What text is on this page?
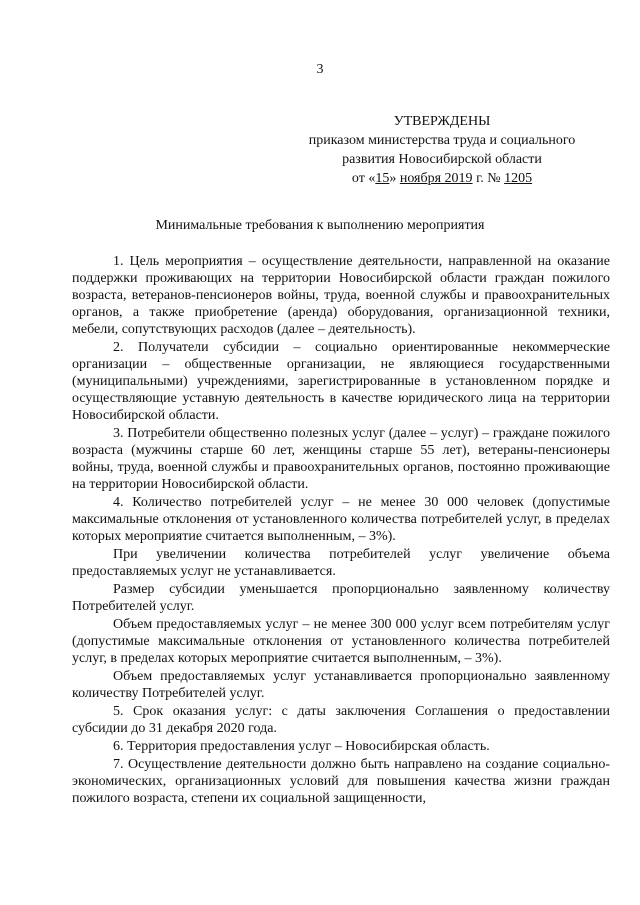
3
УТВЕРЖДЕНЫ
приказом министерства труда и социального
развития Новосибирской области
от «15» ноября 2019 г. № 1205
Минимальные требования к выполнению мероприятия

1. Цель мероприятия – осуществление деятельности, направленной на оказание поддержки проживающих на территории Новосибирской области граждан пожилого возраста, ветеранов-пенсионеров войны, труда, военной службы и правоохранительных органов, а также приобретение (аренда) оборудования, организационной техники, мебели, сопутствующих расходов (далее – деятельность).

2. Получатели субсидии – социально ориентированные некоммерческие организации – общественные организации, не являющиеся государственными (муниципальными) учреждениями, зарегистрированные в установленном порядке и осуществляющие уставную деятельность в качестве юридического лица на территории Новосибирской области.

3. Потребители общественно полезных услуг (далее – услуг) – граждане пожилого возраста (мужчины старше 60 лет, женщины старше 55 лет), ветераны-пенсионеры войны, труда, военной службы и правоохранительных органов, постоянно проживающие на территории Новосибирской области.

4. Количество потребителей услуг – не менее 30 000 человек (допустимые максимальные отклонения от установленного количества потребителей услуг, в пределах которых мероприятие считается выполненным, – 3%).

При увеличении количества потребителей услуг увеличение объема предоставляемых услуг не устанавливается.

Размер субсидии уменьшается пропорционально заявленному количеству Потребителей услуг.

Объем предоставляемых услуг – не менее 300 000 услуг всем потребителям услуг (допустимые максимальные отклонения от установленного количества потребителей услуг, в пределах которых мероприятие считается выполненным, – 3%).

Объем предоставляемых услуг устанавливается пропорционально заявленному количеству Потребителей услуг.

5. Срок оказания услуг: с даты заключения Соглашения о предоставлении субсидии до 31 декабря 2020 года.

6. Территория предоставления услуг – Новосибирская область.

7. Осуществление деятельности должно быть направлено на создание социально-экономических, организационных условий для повышения качества жизни граждан пожилого возраста, степени их социальной защищенности,
